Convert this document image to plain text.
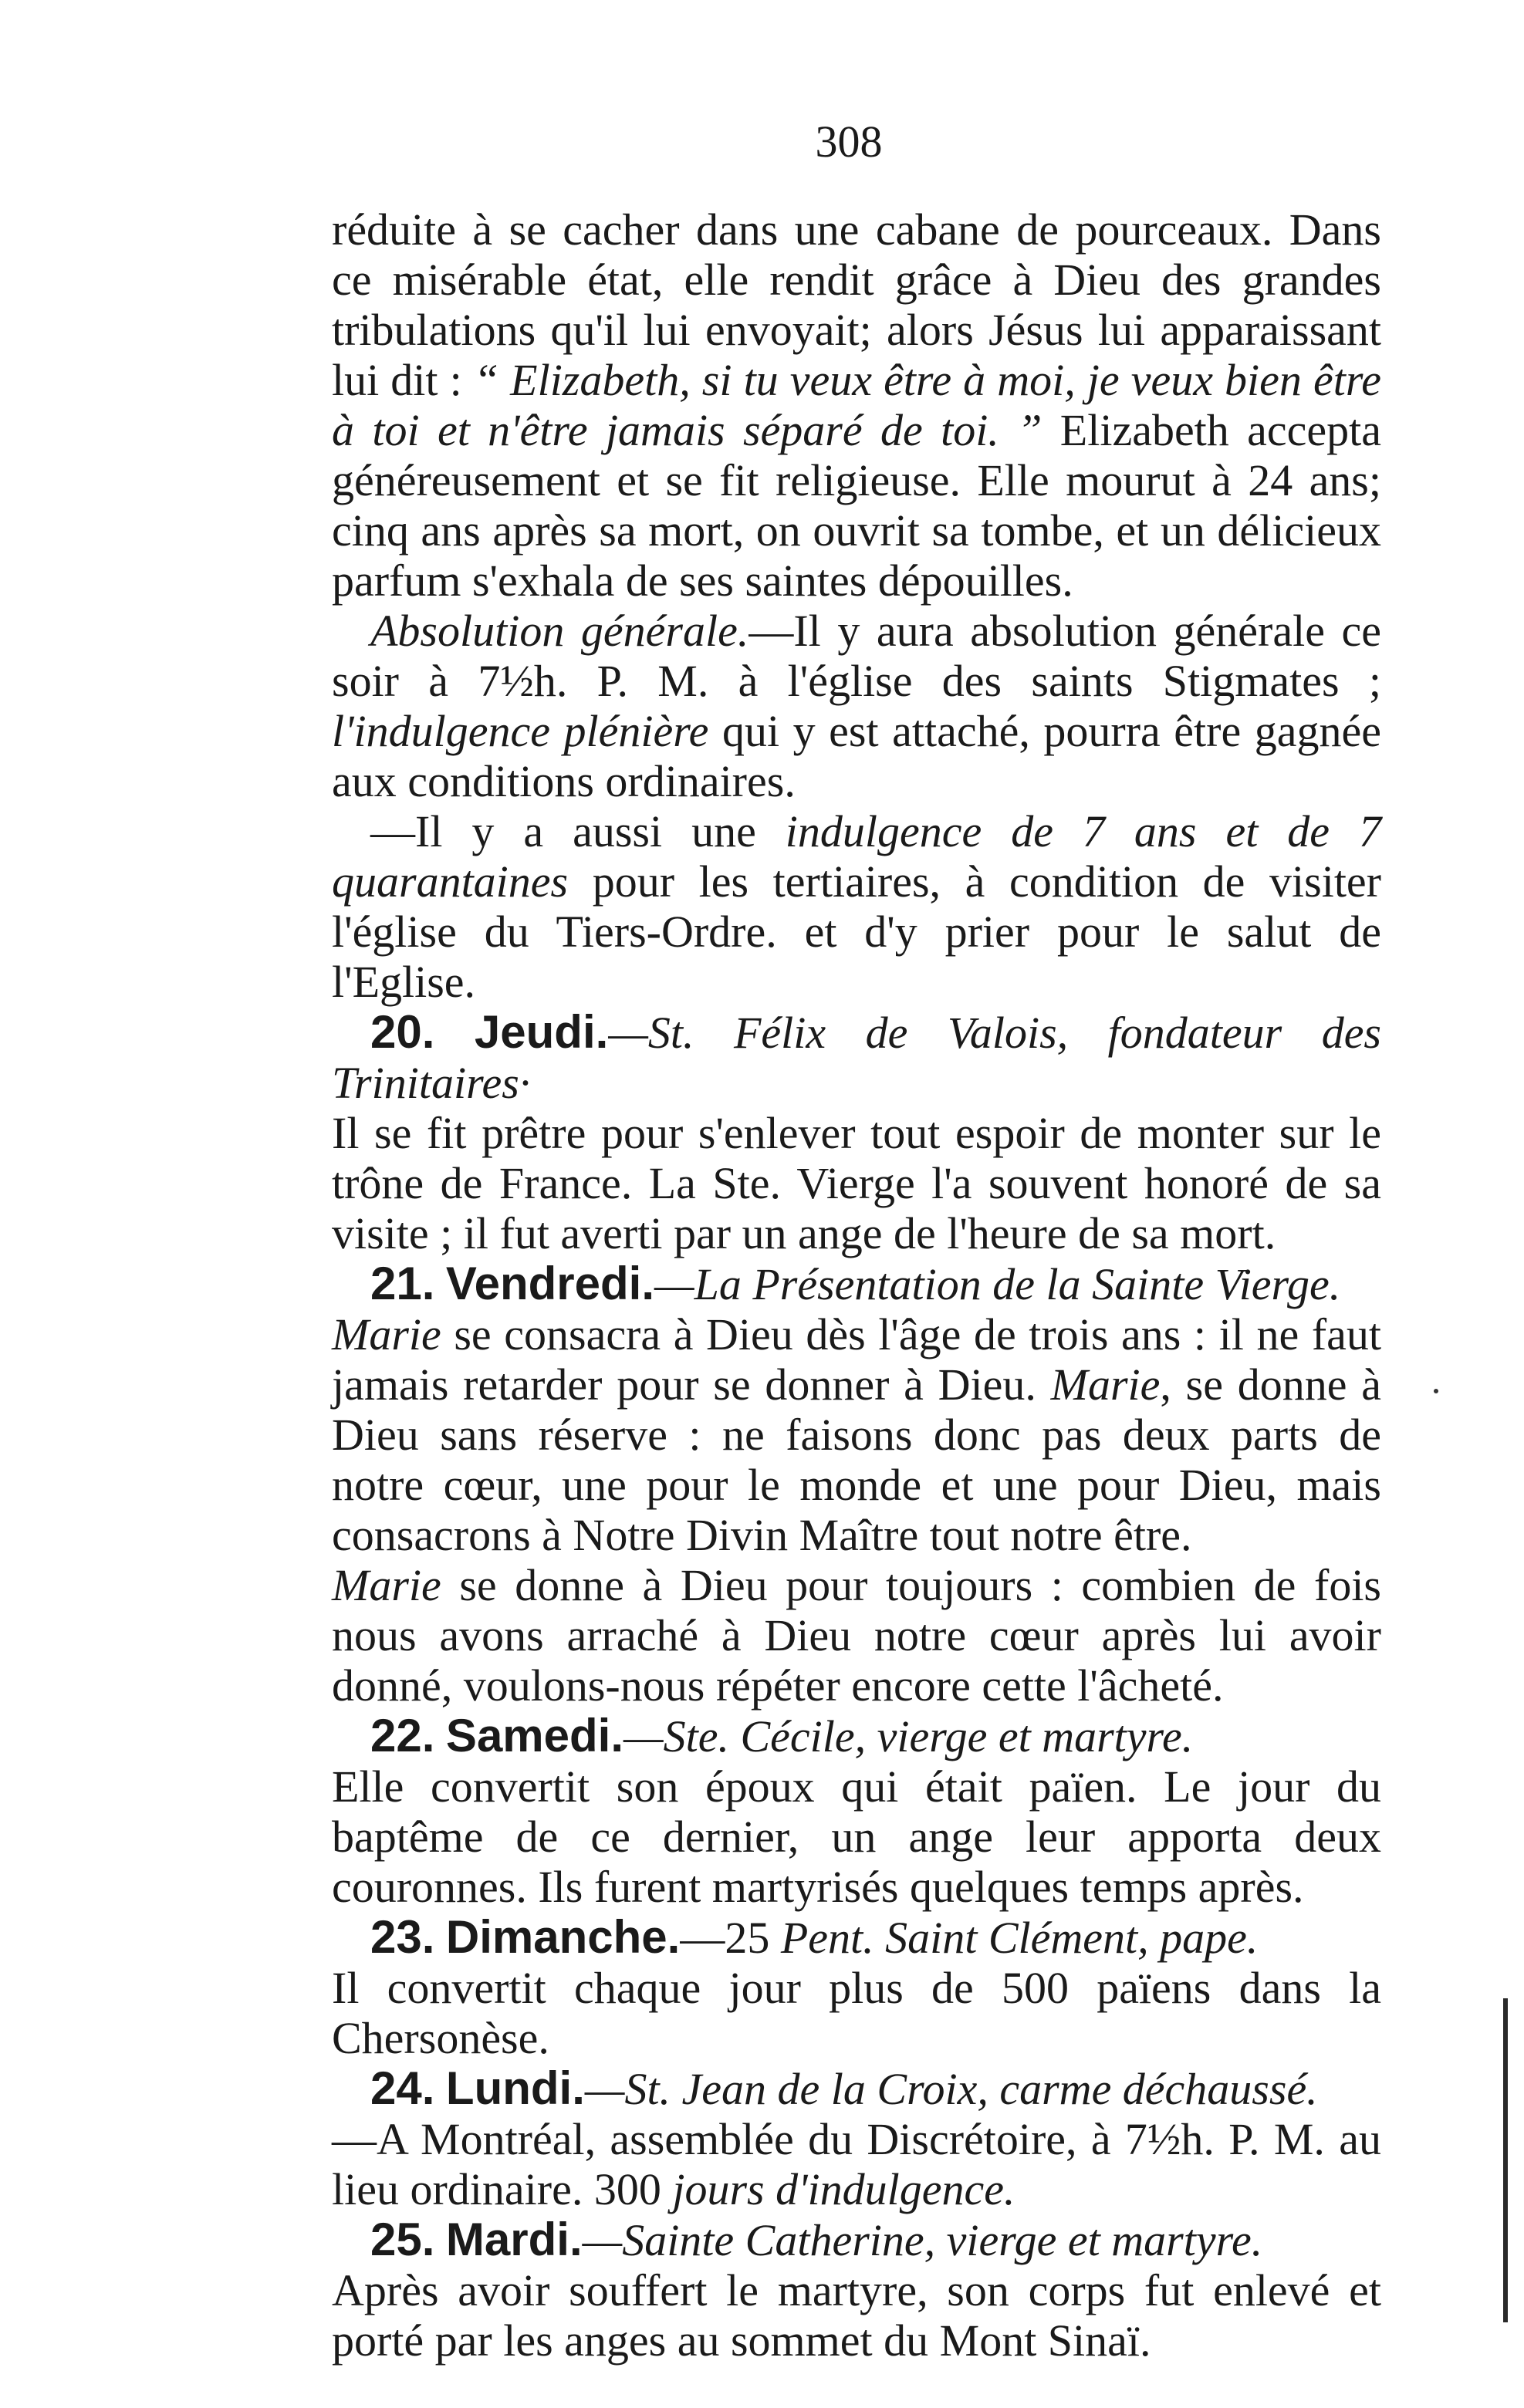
308

réduite à se cacher dans une cabane de pourceaux. Dans ce misérable état, elle rendit grâce à Dieu des grandes tribulations qu'il lui envoyait; alors Jésus lui apparaissant lui dit : “ Elizabeth, si tu veux être à moi, je veux bien être à toi et n'être jamais séparé de toi. ” Elizabeth accepta généreusement et se fit religieuse. Elle mourut à 24 ans; cinq ans après sa mort, on ouvrit sa tombe, et un délicieux parfum s'exhala de ses saintes dépouilles.

Absolution générale.—Il y aura absolution générale ce soir à 7½h. P. M. à l'église des saints Stigmates ; l'indulgence plénière qui y est attaché, pourra être gagnée aux conditions ordinaires.

—Il y a aussi une indulgence de 7 ans et de 7 quarantaines pour les tertiaires, à condition de visiter l'église du Tiers-Ordre. et d'y prier pour le salut de l'Eglise.

20. Jeudi.—St. Félix de Valois, fondateur des Trinitaires·

Il se fit prêtre pour s'enlever tout espoir de monter sur le trône de France. La Ste. Vierge l'a souvent honoré de sa visite ; il fut averti par un ange de l'heure de sa mort.

21. Vendredi.—La Présentation de la Sainte Vierge.

Marie se consacra à Dieu dès l'âge de trois ans : il ne faut jamais retarder pour se donner à Dieu. Marie, se donne à Dieu sans réserve : ne faisons donc pas deux parts de notre cœur, une pour le monde et une pour Dieu, mais consacrons à Notre Divin Maître tout notre être.

Marie se donne à Dieu pour toujours : combien de fois nous avons arraché à Dieu notre cœur après lui avoir donné, voulons-nous répéter encore cette l'âcheté.

22. Samedi.—Ste. Cécile, vierge et martyre.

Elle convertit son époux qui était païen. Le jour du baptême de ce dernier, un ange leur apporta deux couronnes. Ils furent martyrisés quelques temps après.

23. Dimanche.—25 Pent. Saint Clément, pape.

Il convertit chaque jour plus de 500 païens dans la Chersonèse.

24. Lundi.—St. Jean de la Croix, carme déchaussé.

—A Montréal, assemblée du Discrétoire, à 7½h. P. M. au lieu ordinaire. 300 jours d'indulgence.

25. Mardi.—Sainte Catherine, vierge et martyre.

Après avoir souffert le martyre, son corps fut enlevé et porté par les anges au sommet du Mont Sinaï.
